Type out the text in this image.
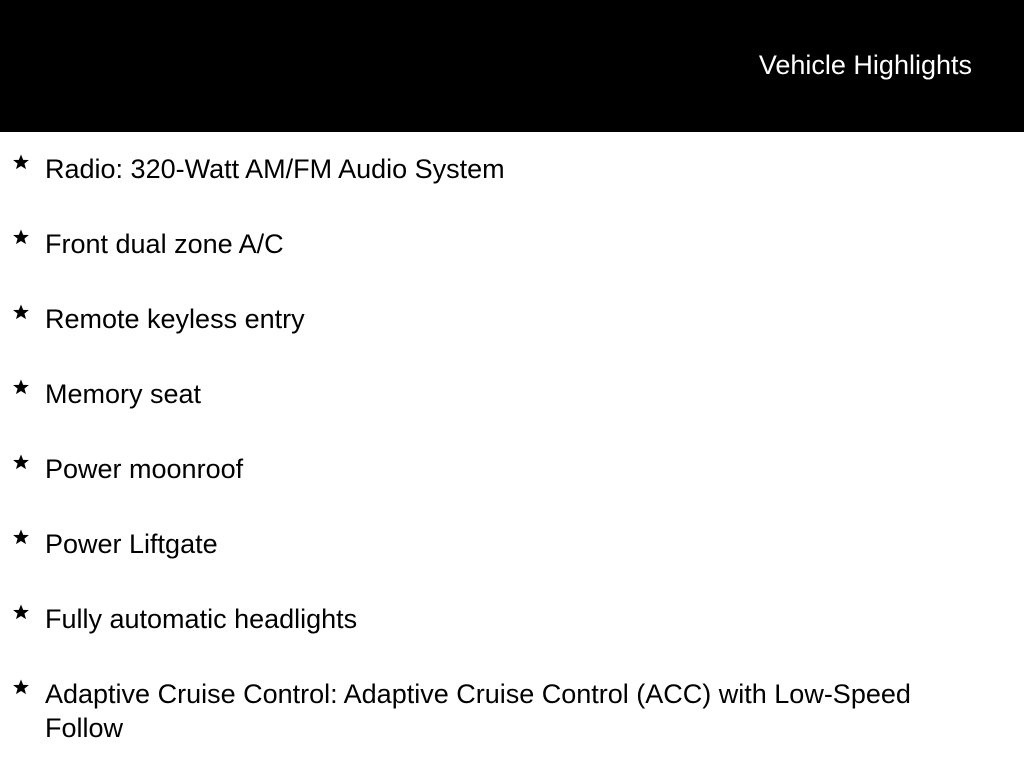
Vehicle Highlights
Radio: 320-Watt AM/FM Audio System
Front dual zone A/C
Remote keyless entry
Memory seat
Power moonroof
Power Liftgate
Fully automatic headlights
Adaptive Cruise Control: Adaptive Cruise Control (ACC) with Low-Speed Follow
